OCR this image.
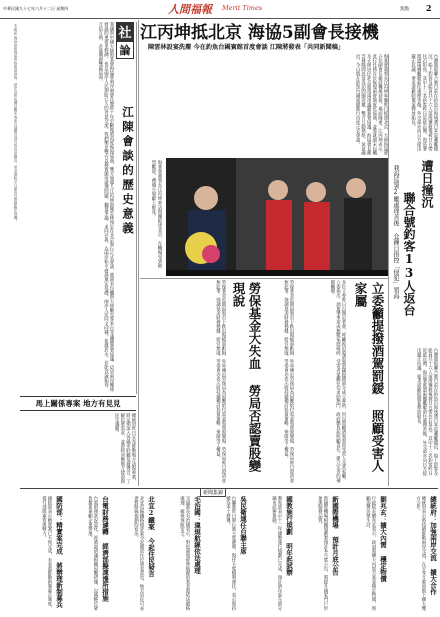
中華民國九十七年六月十二日 星期四	人間福報 Merit Times	焦點 2
本報訊 海基會與海協會恢復協商後，兩岸直航包機及觀光客來台議題受到各界高度關注，業者期盼早日開放以帶動觀光商機。	社
論
江陳會談的歷史意義
我國與中國大陸海基會海協會兩岸兩會在歷經十年中斷後將再度恢復協商，雙方領導人江丙坤與陳雲林預定在北京舉行正式會談，就週末包機與大陸觀光客來台等議題簽署協議。這是兩岸關係發展的重要里程碑，也是兩岸人民期盼已久的善意交流。我們樂見雙方以務實態度處理問題，擱置爭議，求同存異，為兩岸和平發展奠定基礎。兩岸人民同文同種，血濃於水，若能以誠相待，互信互助，必能開創雙贏局面。
馬上關係專案 地方有見見
總統府昨日宣布推動地方訪視專案，將定期深入各縣市聆聽基層聲音，了解民眾需求，並即時回應地方建設與民生議題。
江丙坤抵北京 海協5副會長接機
陳雲林設宴洗塵 今在釣魚台國賓館首度會談 江陳將發表「共同新聞稿」
海基會董事長江丙坤率團昨日抵達北京，大陸海協會五位副會長親赴機場迎接，場面隆重。江丙坤表示，此行任務在於恢復兩會制度化協商，並將就週末包機及大陸居民赴台旅遊兩項議題簽署協議。海協會長陳雲林晚間設宴為訪問團洗塵，雙方互動熱絡，氣氛融洽。今日將在釣魚台國賓館進行首度正式會談。	台灣漁船聯合號日前在釣魚台海域遭日本巡邏艦撞沉，船上釣客及船員共十六人落海獲救後被日方帶往石垣島，其中十三名釣客昨日返抵台灣。海巡署派遣兩艘艦艇前往處理善後，外交部亦向日方提出嚴正抗議，要求道歉賠償並釋放船長。
遭日撞沉
聯合號釣客13人返台
我海巡署2艦處理善後 仓鍊日指控「侵犯」領海
台灣漁船聯合號日前在釣魚台海域遭日本巡邏艦撞沉，船上釣客及船員共十六人落海獲救後被日方帶往石垣島，其中十三名釣客昨日返抵台灣。海巡署派遣兩艘艦艇前往處理善後，外交部亦向日方提出嚴正抗議，要求道歉賠償並釋放船長。
海基會董事長江丙坤率訪問團抵達北京，在機場受到熱烈歡迎，禮儀小姐獻上鮮花。
勞保基金近期因股市下跌出現帳面虧損，外界傳出勞保局為因應給付需求將賣股變現，勞保局昨日澄清並無此事，強調基金財務穩健，給付無虞。勞委會亦表示將持續檢討投資策略，保障勞工權益。	勞保基金大失血 勞局否認賣股變現說	勞保基金近期因股市下跌出現帳面虧損，外界傳出勞保局為因應給付需求將賣股變現，勞保局昨日澄清並無此事，強調基金財務穩健，給付無虞。勞委會亦表示將持續檢討投資策略，保障勞工權益。	多位立委昨日召開記者會，呼籲政府將酒駕罰鍰提撥部分成立專款，用以照顧酒駕事故受害人及其家屬。立委指出，酒駕肇事造成無數家庭破碎，受害者家屬往往求助無門，政府應負起照顧責任，建立完善的補償機制。	立委籲提撥酒駕罰鍰 照顧受害人家屬
新聞集錦
國防部：精實案完成 將辦理新制募兵
國防部表示精實案已大致完成，未來將推動新制募兵制度，提升部隊素質與戰力。	台電財務遽轉 經濟部擬凍漲所措施
台電財務狀況惡化，經濟部研議相關因應措施，以減輕民眾負擔並兼顧企業營運。	北宜2鐵案 今起住民發言
北宜直線鐵路環評案今起開放住民發表意見，地方居民可表達對路線規劃的看法。	毛治國：違規航線依法處理
交通部長毛治國表示，對於違規經營航線的業者將依法嚴格處理，確保飛航安全。	吳民衛連任台聯主席
台聯黨昨日舉行黨主席選舉，現任主席順利連任，表示將持續為本土發聲。	國教施行規劃 明年起試辦
教育部表示十二年國教施行規劃已完成，預計明年起在部分縣市試辦推動。	新國際機場 預計月底公告
新國際機場相關規劃案預計本月底公告，將提升國家門戶形象與服務品質。	劉兆玄：擴大內需 穩定物價
行政院長劉兆玄表示，政府將擴大內需方案並穩定物價，照顧弱勢民眾生計。	總統府：加強兩岸交流 擴大合作
總統府表示將持續推動兩岸交流，在平等互惠原則下擴大雙方合作。
